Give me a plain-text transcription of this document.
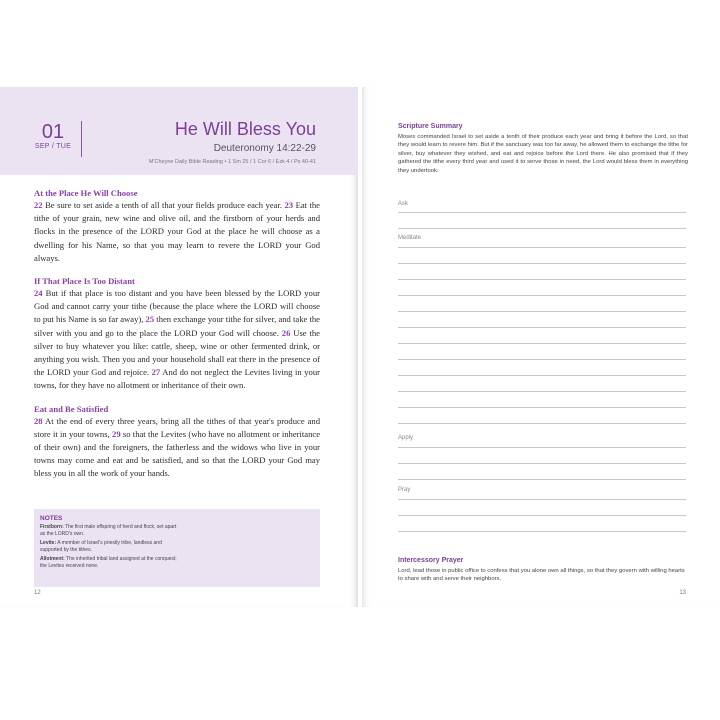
01
SEP / TUE
He Will Bless You
Deuteronomy 14:22-29
M'Cheyne Daily Bible Reading • 1 Sm 25 / 1 Cor 6 / Ezk 4 / Ps 40-41
At the Place He Will Choose

22 Be sure to set aside a tenth of all that your fields produce each year. 23 Eat the tithe of your grain, new wine and olive oil, and the firstborn of your herds and flocks in the presence of the LORD your God at the place he will choose as a dwelling for his Name, so that you may learn to revere the LORD your God always.

If That Place Is Too Distant

24 But if that place is too distant and you have been blessed by the LORD your God and cannot carry your tithe (because the place where the LORD will choose to put his Name is so far away), 25 then exchange your tithe for silver, and take the silver with you and go to the place the LORD your God will choose. 26 Use the silver to buy whatever you like: cattle, sheep, wine or other fermented drink, or anything you wish. Then you and your household shall eat there in the presence of the LORD your God and rejoice. 27 And do not neglect the Levites living in your towns, for they have no allotment or inheritance of their own.

Eat and Be Satisfied

28 At the end of every three years, bring all the tithes of that year's produce and store it in your towns, 29 so that the Levites (who have no allotment or inheritance of their own) and the foreigners, the fatherless and the widows who live in your towns may come and eat and be satisfied, and so that the LORD your God may bless you in all the work of your hands.

NOTES
Firstborn: The first male offspring of herd and flock, set apart as the LORD's own.
Levite: A member of Israel's priestly tribe, landless and supported by the tithes.
Allotment: The inherited tribal land assigned at the conquest; the Levites received none.
12
Scripture Summary
Moses commanded Israel to set aside a tenth of their produce each year and bring it before the Lord, so that they would learn to revere him. But if the sanctuary was too far away, he allowed them to exchange the tithe for silver, buy whatever they wished, and eat and rejoice before the Lord there. He also promised that if they gathered the tithe every third year and used it to serve those in need, the Lord would bless them in everything they undertook.
Ask
Meditate
Apply
Pray
Intercessory Prayer
Lord, lead those in public office to confess that you alone own all things, so that they govern with willing hearts to share with and serve their neighbors.
13
